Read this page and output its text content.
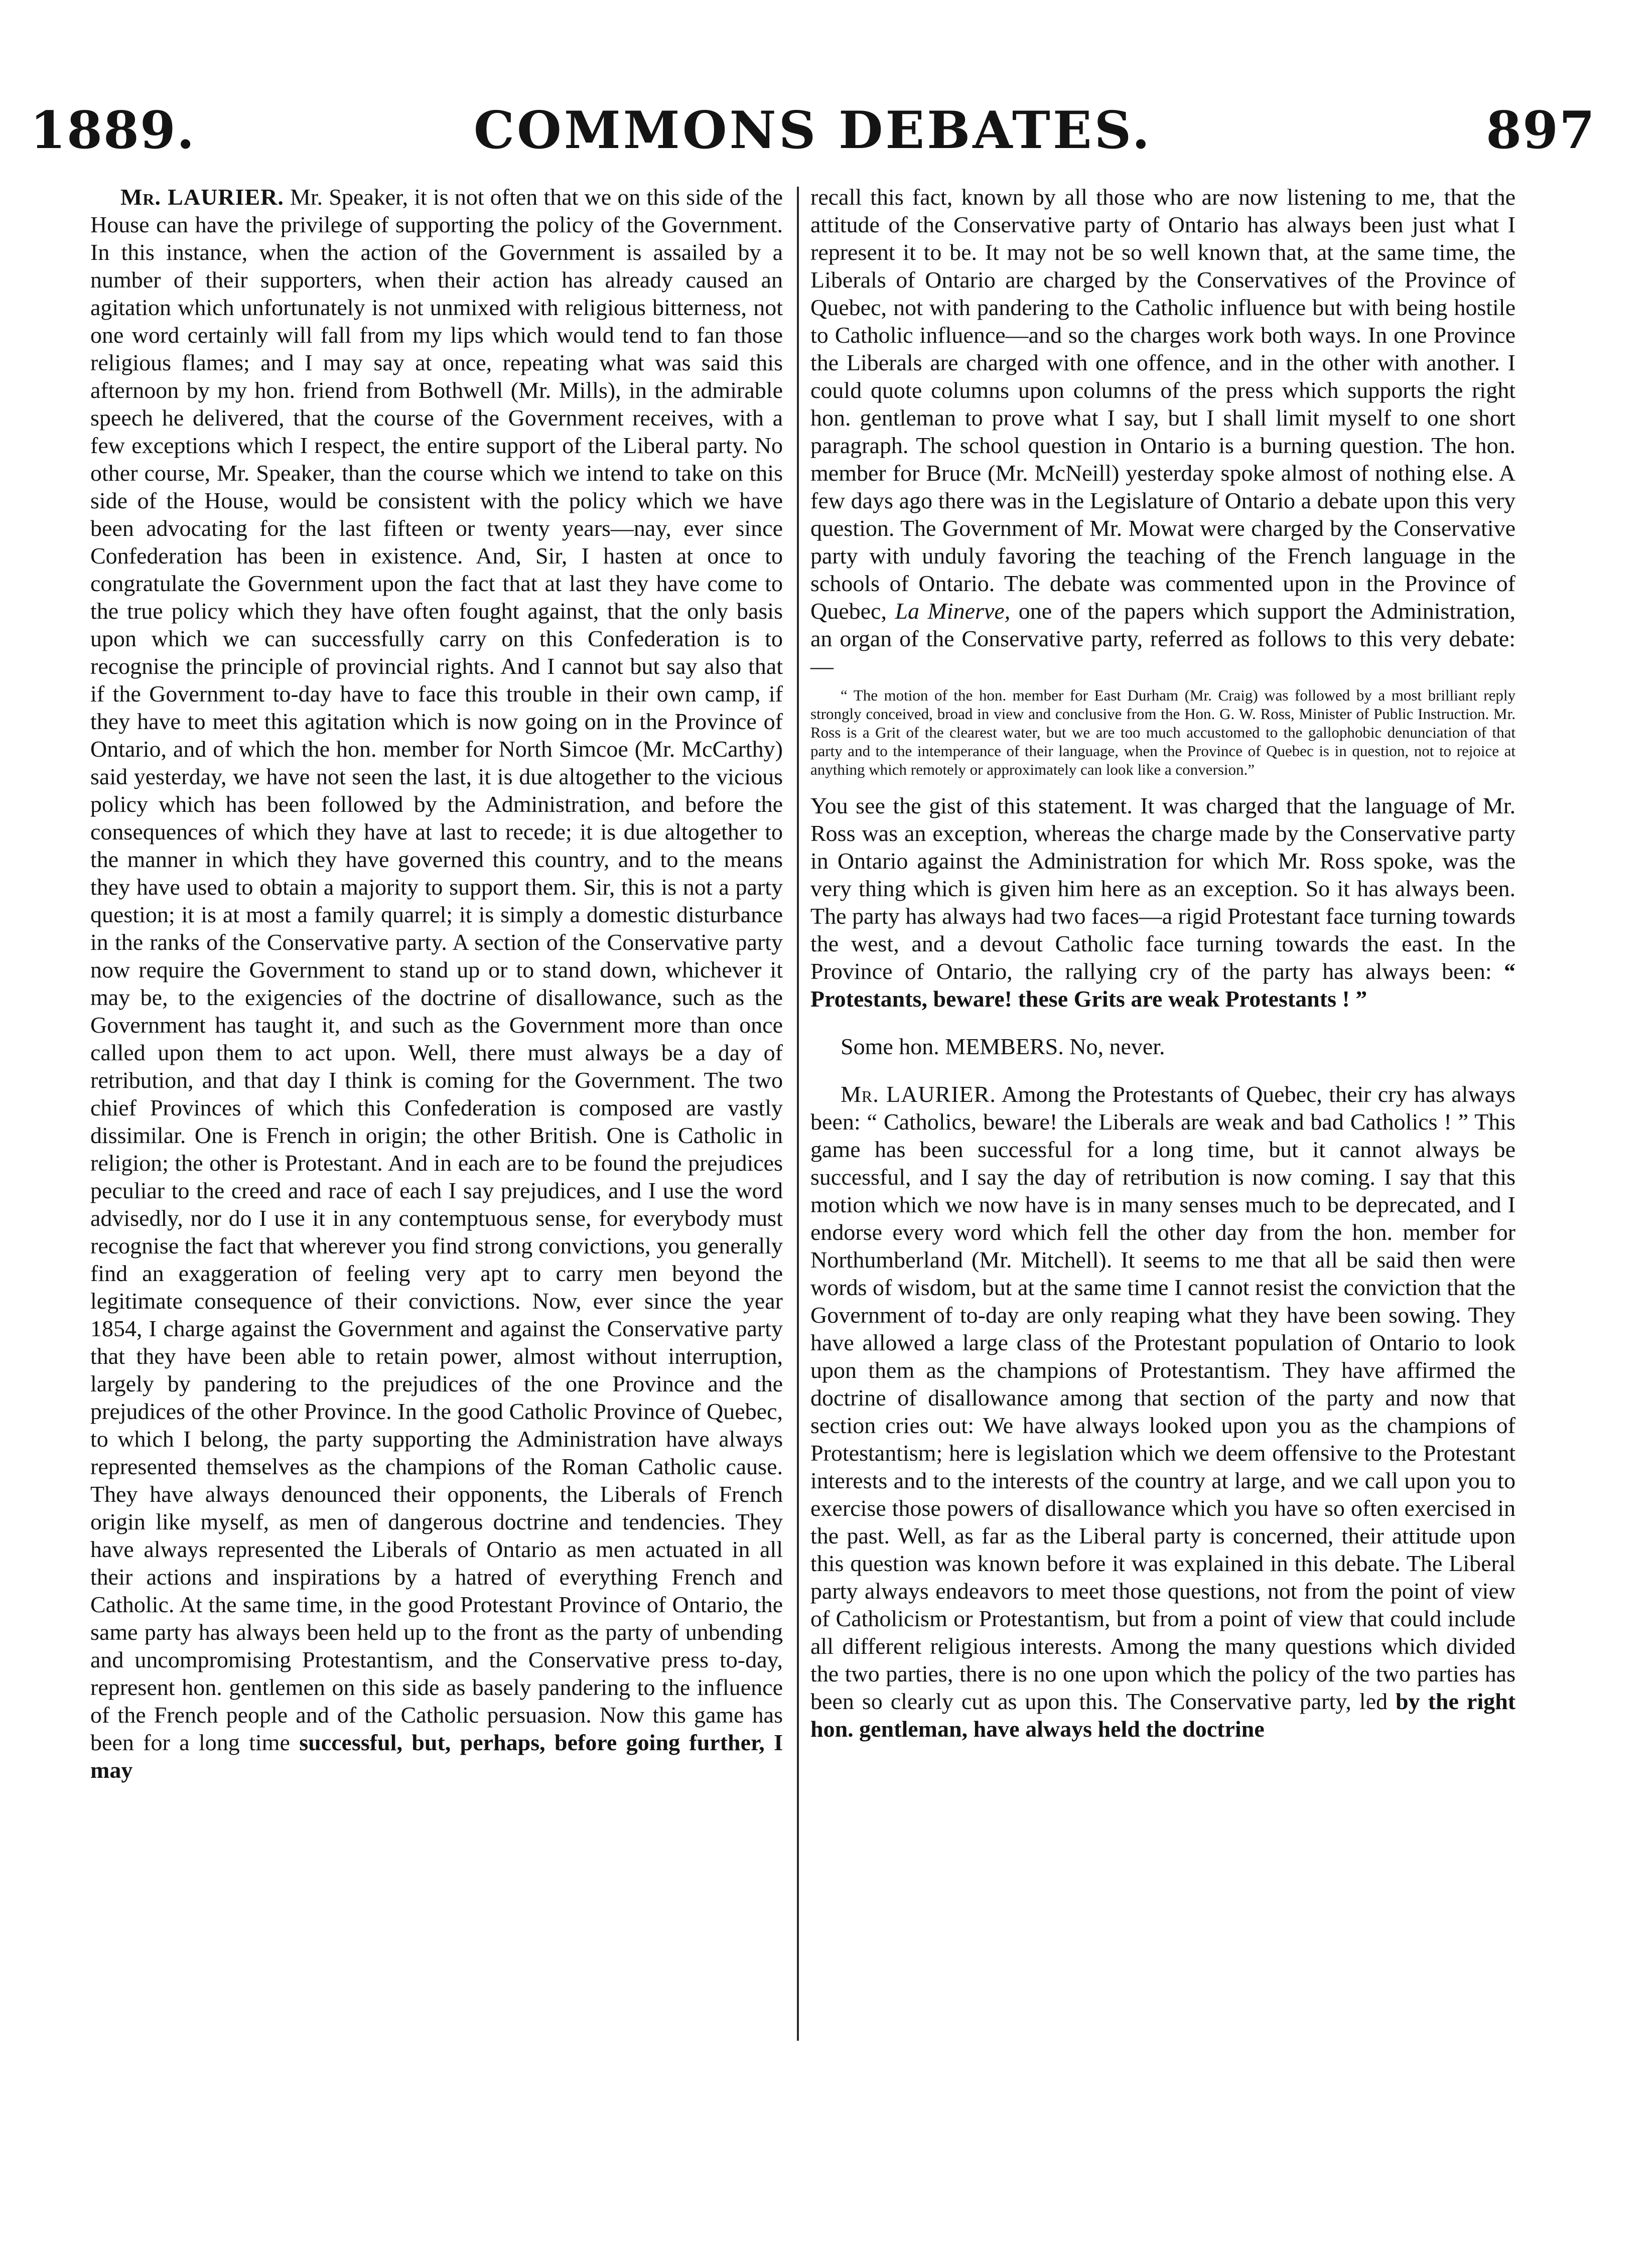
1889.	COMMONS DEBATES.	897

Mr. LAURIER. Mr. Speaker, it is not often that we on this side of the House can have the privilege of supporting the policy of the Government. In this instance, when the action of the Government is assailed by a number of their supporters, when their action has already caused an agitation which unfortunately is not unmixed with religious bitterness, not one word certainly will fall from my lips which would tend to fan those religious flames; and I may say at once, repeating what was said this afternoon by my hon. friend from Bothwell (Mr. Mills), in the admirable speech he delivered, that the course of the Government receives, with a few exceptions which I respect, the entire support of the Liberal party. No other course, Mr. Speaker, than the course which we intend to take on this side of the House, would be consistent with the policy which we have been advocating for the last fifteen or twenty years—nay, ever since Confederation has been in existence. And, Sir, I hasten at once to congratulate the Government upon the fact that at last they have come to the true policy which they have often fought against, that the only basis upon which we can successfully carry on this Confederation is to recognise the principle of provincial rights. And I cannot but say also that if the Government to-day have to face this trouble in their own camp, if they have to meet this agitation which is now going on in the Province of Ontario, and of which the hon. member for North Simcoe (Mr. McCarthy) said yesterday, we have not seen the last, it is due altogether to the vicious policy which has been followed by the Administration, and before the consequences of which they have at last to recede; it is due altogether to the manner in which they have governed this country, and to the means they have used to obtain a majority to support them. Sir, this is not a party question; it is at most a family quarrel; it is simply a domestic disturbance in the ranks of the Conservative party. A section of the Conservative party now require the Government to stand up or to stand down, whichever it may be, to the exigencies of the doctrine of disallowance, such as the Government has taught it, and such as the Government more than once called upon them to act upon. Well, there must always be a day of retribution, and that day I think is coming for the Government. The two chief Provinces of which this Confederation is composed are vastly dissimilar. One is French in origin; the other British. One is Catholic in religion; the other is Protestant. And in each are to be found the prejudices peculiar to the creed and race of each I say prejudices, and I use the word advisedly, nor do I use it in any contemptuous sense, for everybody must recognise the fact that wherever you find strong convictions, you generally find an exaggeration of feeling very apt to carry men beyond the legitimate consequence of their convictions. Now, ever since the year 1854, I charge against the Government and against the Conservative party that they have been able to retain power, almost without interruption, largely by pandering to the prejudices of the one Province and the prejudices of the other Province. In the good Catholic Province of Quebec, to which I belong, the party supporting the Administration have always represented themselves as the champions of the Roman Catholic cause. They have always denounced their opponents, the Liberals of French origin like myself, as men of dangerous doctrine and tendencies. They have always represented the Liberals of Ontario as men actuated in all their actions and inspirations by a hatred of everything French and Catholic. At the same time, in the good Protestant Province of Ontario, the same party has always been held up to the front as the party of unbending and uncompromising Protestantism, and the Conservative press to-day, represent hon. gentlemen on this side as basely pandering to the influence of the French people and of the Catholic persuasion. Now this game has been for a long time successful, but, perhaps, before going further, I may

recall this fact, known by all those who are now listening to me, that the attitude of the Conservative party of Ontario has always been just what I represent it to be. It may not be so well known that, at the same time, the Liberals of Ontario are charged by the Conservatives of the Province of Quebec, not with pandering to the Catholic influence but with being hostile to Catholic influence—and so the charges work both ways. In one Province the Liberals are charged with one offence, and in the other with another. I could quote columns upon columns of the press which supports the right hon. gentleman to prove what I say, but I shall limit myself to one short paragraph. The school question in Ontario is a burning question. The hon. member for Bruce (Mr. McNeill) yesterday spoke almost of nothing else. A few days ago there was in the Legislature of Ontario a debate upon this very question. The Government of Mr. Mowat were charged by the Conservative party with unduly favoring the teaching of the French language in the schools of Ontario. The debate was commented upon in the Province of Quebec, La Minerve, one of the papers which support the Administration, an organ of the Conservative party, referred as follows to this very debate:—

“ The motion of the hon. member for East Durham (Mr. Craig) was followed by a most brilliant reply strongly conceived, broad in view and conclusive from the Hon. G. W. Ross, Minister of Public Instruction. Mr. Ross is a Grit of the clearest water, but we are too much accustomed to the gallophobic denunciation of that party and to the intemperance of their language, when the Province of Quebec is in question, not to rejoice at anything which remotely or approximately can look like a conversion.”

You see the gist of this statement. It was charged that the language of Mr. Ross was an exception, whereas the charge made by the Conservative party in Ontario against the Administration for which Mr. Ross spoke, was the very thing which is given him here as an exception. So it has always been. The party has always had two faces—a rigid Protestant face turning towards the west, and a devout Catholic face turning towards the east. In the Province of Ontario, the rallying cry of the party has always been: “ Protestants, beware! these Grits are weak Protestants ! ”

Some hon. MEMBERS. No, never.

Mr. LAURIER. Among the Protestants of Quebec, their cry has always been: “ Catholics, beware! the Liberals are weak and bad Catholics ! ” This game has been successful for a long time, but it cannot always be successful, and I say the day of retribution is now coming. I say that this motion which we now have is in many senses much to be deprecated, and I endorse every word which fell the other day from the hon. member for Northumberland (Mr. Mitchell). It seems to me that all be said then were words of wisdom, but at the same time I cannot resist the conviction that the Government of to-day are only reaping what they have been sowing. They have allowed a large class of the Protestant population of Ontario to look upon them as the champions of Protestantism. They have affirmed the doctrine of disallowance among that section of the party and now that section cries out: We have always looked upon you as the champions of Protestantism; here is legislation which we deem offensive to the Protestant interests and to the interests of the country at large, and we call upon you to exercise those powers of disallowance which you have so often exercised in the past. Well, as far as the Liberal party is concerned, their attitude upon this question was known before it was explained in this debate. The Liberal party always endeavors to meet those questions, not from the point of view of Catholicism or Protestantism, but from a point of view that could include all different religious interests. Among the many questions which divided the two parties, there is no one upon which the policy of the two parties has been so clearly cut as upon this. The Conservative party, led by the right hon. gentleman, have always held the doctrine
